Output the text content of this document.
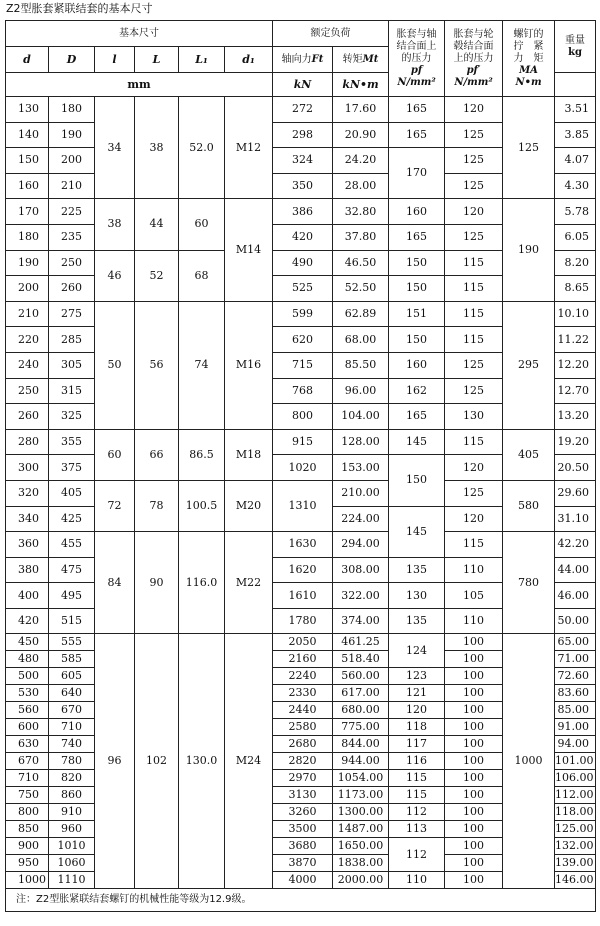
Z2型胀套紧联结套的基本尺寸
基本尺寸						额定负荷		胀套与轴
结合面上
的压力
pf
N/mm²	胀套与轮
毂结合面
上的压力
pf′
N/mm²	螺钉的
拧　紧
力　矩
MA
N•m	重量
kg

d	D	l	L	L₁	d₁	轴向力Ft	转矩Mt				
mm						kN	kN•m				
130	180	34	38	52.0	M12	272	17.60	165	120	125	3.51
140	190					298	20.90	165	125		3.85
150	200					324	24.20	170	125		4.07
160	210					350	28.00		125		4.30
170	225	38	44	60	M14	386	32.80	160	120	190	5.78
180	235					420	37.80	165	125		6.05
190	250	46	52	68		490	46.50	150	115		8.20
200	260					525	52.50	150	115		8.65
210	275	50	56	74	M16	599	62.89	151	115	295	10.10
220	285					620	68.00	150	115		11.22
240	305					715	85.50	160	125		12.20
250	315					768	96.00	162	125		12.70
260	325					800	104.00	165	130		13.20
280	355	60	66	86.5	M18	915	128.00	145	115	405	19.20
300	375					1020	153.00	150	120		20.50
320	405	72	78	100.5	M20	1310	210.00		125	580	29.60
340	425						224.00	145	120		31.10
360	455	84	90	116.0	M22	1630	294.00		115	780	42.20
380	475					1620	308.00	135	110		44.00
400	495					1610	322.00	130	105		46.00
420	515					1780	374.00	135	110		50.00
450	555	96	102	130.0	M24	2050	461.25	124	100	1000	65.00
480	585					2160	518.40		100		71.00
500	605					2240	560.00	123	100		72.60
530	640					2330	617.00	121	100		83.60
560	670					2440	680.00	120	100		85.00
600	710					2580	775.00	118	100		91.00
630	740					2680	844.00	117	100		94.00
670	780					2820	944.00	116	100		101.00
710	820					2970	1054.00	115	100		106.00
750	860					3130	1173.00	115	100		112.00
800	910					3260	1300.00	112	100		118.00
850	960					3500	1487.00	113	100		125.00
900	1010					3680	1650.00	112	100		132.00
950	1060					3870	1838.00		100		139.00
1000	1110					4000	2000.00	110	100		146.00
注：Z2型胀紧联结套螺钉的机械性能等级为12.9级。											
